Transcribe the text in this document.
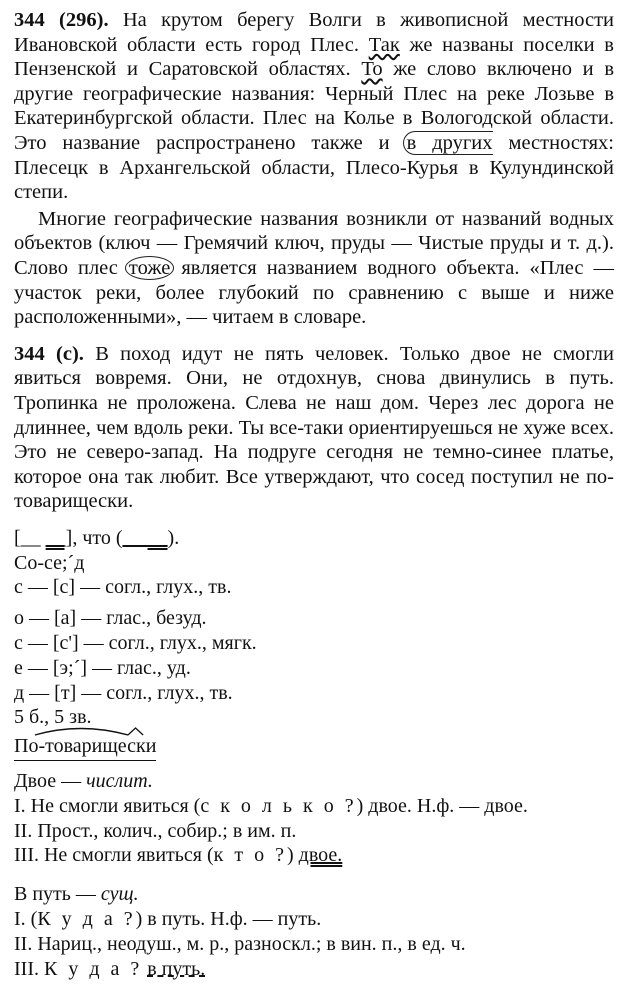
344 (296). На крутом берегу Волги в живописной местности Ивановской области есть город Плес. Так же названы поселки в Пензенской и Саратовской областях. То же слово включено и в другие географические названия: Черный Плес на реке Лозьве в Екатеринбургской области. Плес на Колье в Вологодской области. Это название распространено также и в других местностях: Плесецк в Архангельской области, Плесо-Курья в Кулундинской степи.

Многие географические названия возникли от названий водных объектов (ключ — Гремячий ключ, пруды — Чистые пруды и т. д.). Слово плес тоже является названием водного объекта. «Плес — участок реки, более глубокий по сравнению с выше и ниже расположенными», — читаем в словаре.

344 (с). В поход идут не пять человек. Только двое не смогли явиться вовремя. Они, не отдохнув, снова двинулись в путь. Тропинка не проложена. Слева не наш дом. Через лес дорога не длиннее, чем вдоль реки. Ты все-таки ориентируешься не хуже всех. Это не северо-запад. На подруге сегодня не темно-синее платье, которое она так любит. Все утверждают, что сосед поступил не по-товарищески.

[__ __], что (__ __).

Со-се;´д

с — [с] — согл., глух., тв.

о — [а] — глас., безуд.

с — [с'] — согл., глух., мягк.

е — [э;´] — глас., уд.

д — [т] — согл., глух., тв.

5 б., 5 зв.

По-товарищески

Двое — числит.

I. Не смогли явиться (с к о л ь к о ?) двое. Н.ф. — двое.

II. Прост., колич., собир.; в им. п.

III. Не смогли явиться (к т о ?) двое.

В путь — сущ.

I. (К у д а ?) в путь. Н.ф. — путь.

II. Нариц., неодуш., м. р., разноскл.; в вин. п., в ед. ч.

III. К у д а ? в путь.
